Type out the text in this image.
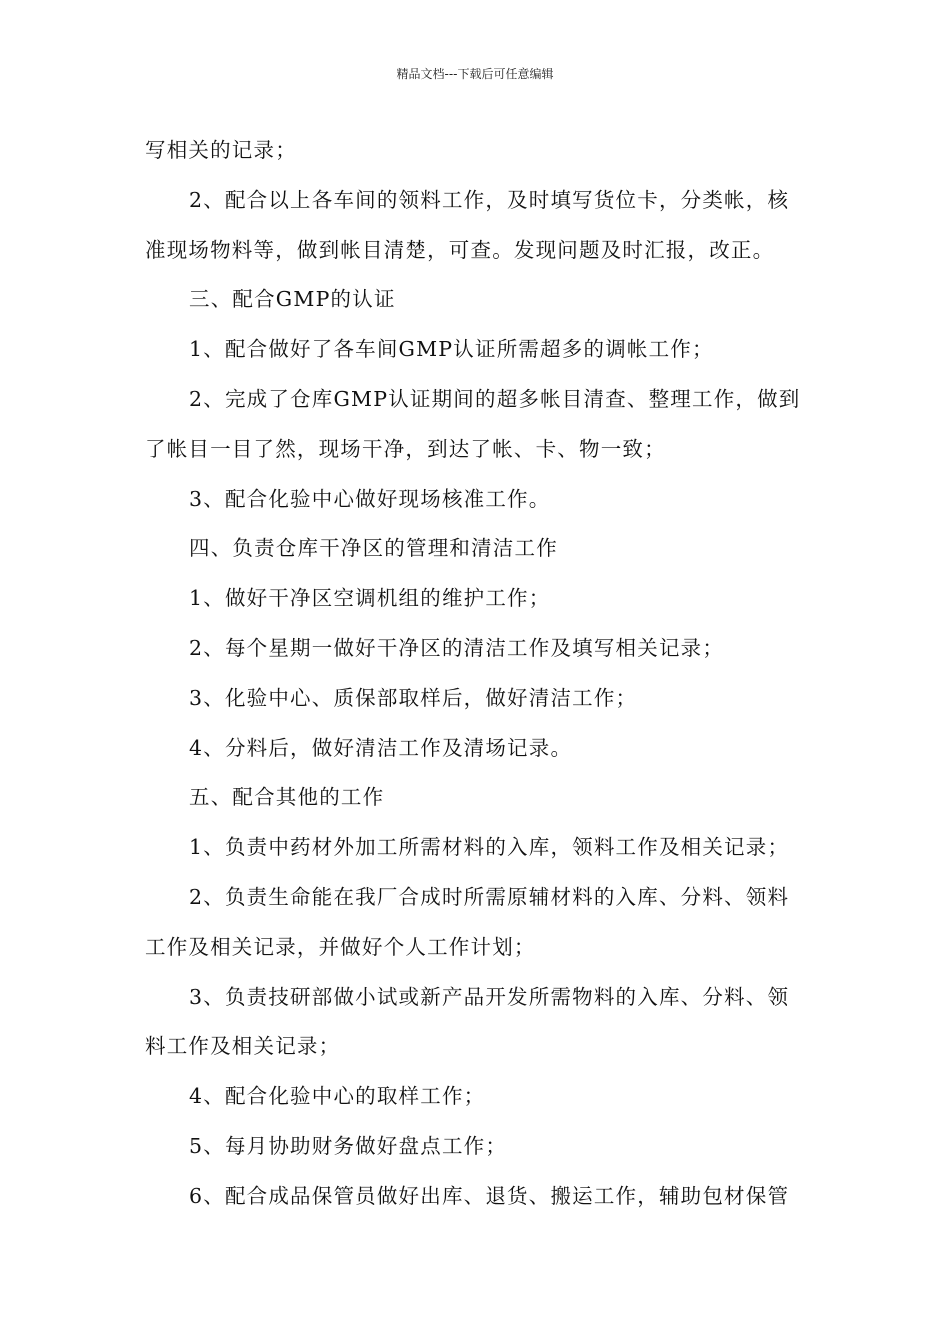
精品文档---下载后可任意编辑

写相关的记录；

2、配合以上各车间的领料工作，及时填写货位卡，分类帐，核

准现场物料等，做到帐目清楚，可查。发现问题及时汇报，改正。

三、配合GMP的认证

1、配合做好了各车间GMP认证所需超多的调帐工作；

2、完成了仓库GMP认证期间的超多帐目清查、整理工作，做到

了帐目一目了然，现场干净，到达了帐、卡、物一致；

3、配合化验中心做好现场核准工作。

四、负责仓库干净区的管理和清洁工作

1、做好干净区空调机组的维护工作；

2、每个星期一做好干净区的清洁工作及填写相关记录；

3、化验中心、质保部取样后，做好清洁工作；

4、分料后，做好清洁工作及清场记录。

五、配合其他的工作

1、负责中药材外加工所需材料的入库，领料工作及相关记录；

2、负责生命能在我厂合成时所需原辅材料的入库、分料、领料

工作及相关记录，并做好个人工作计划；

3、负责技研部做小试或新产品开发所需物料的入库、分料、领

料工作及相关记录；

4、配合化验中心的取样工作；

5、每月协助财务做好盘点工作；

6、配合成品保管员做好出库、退货、搬运工作，辅助包材保管
